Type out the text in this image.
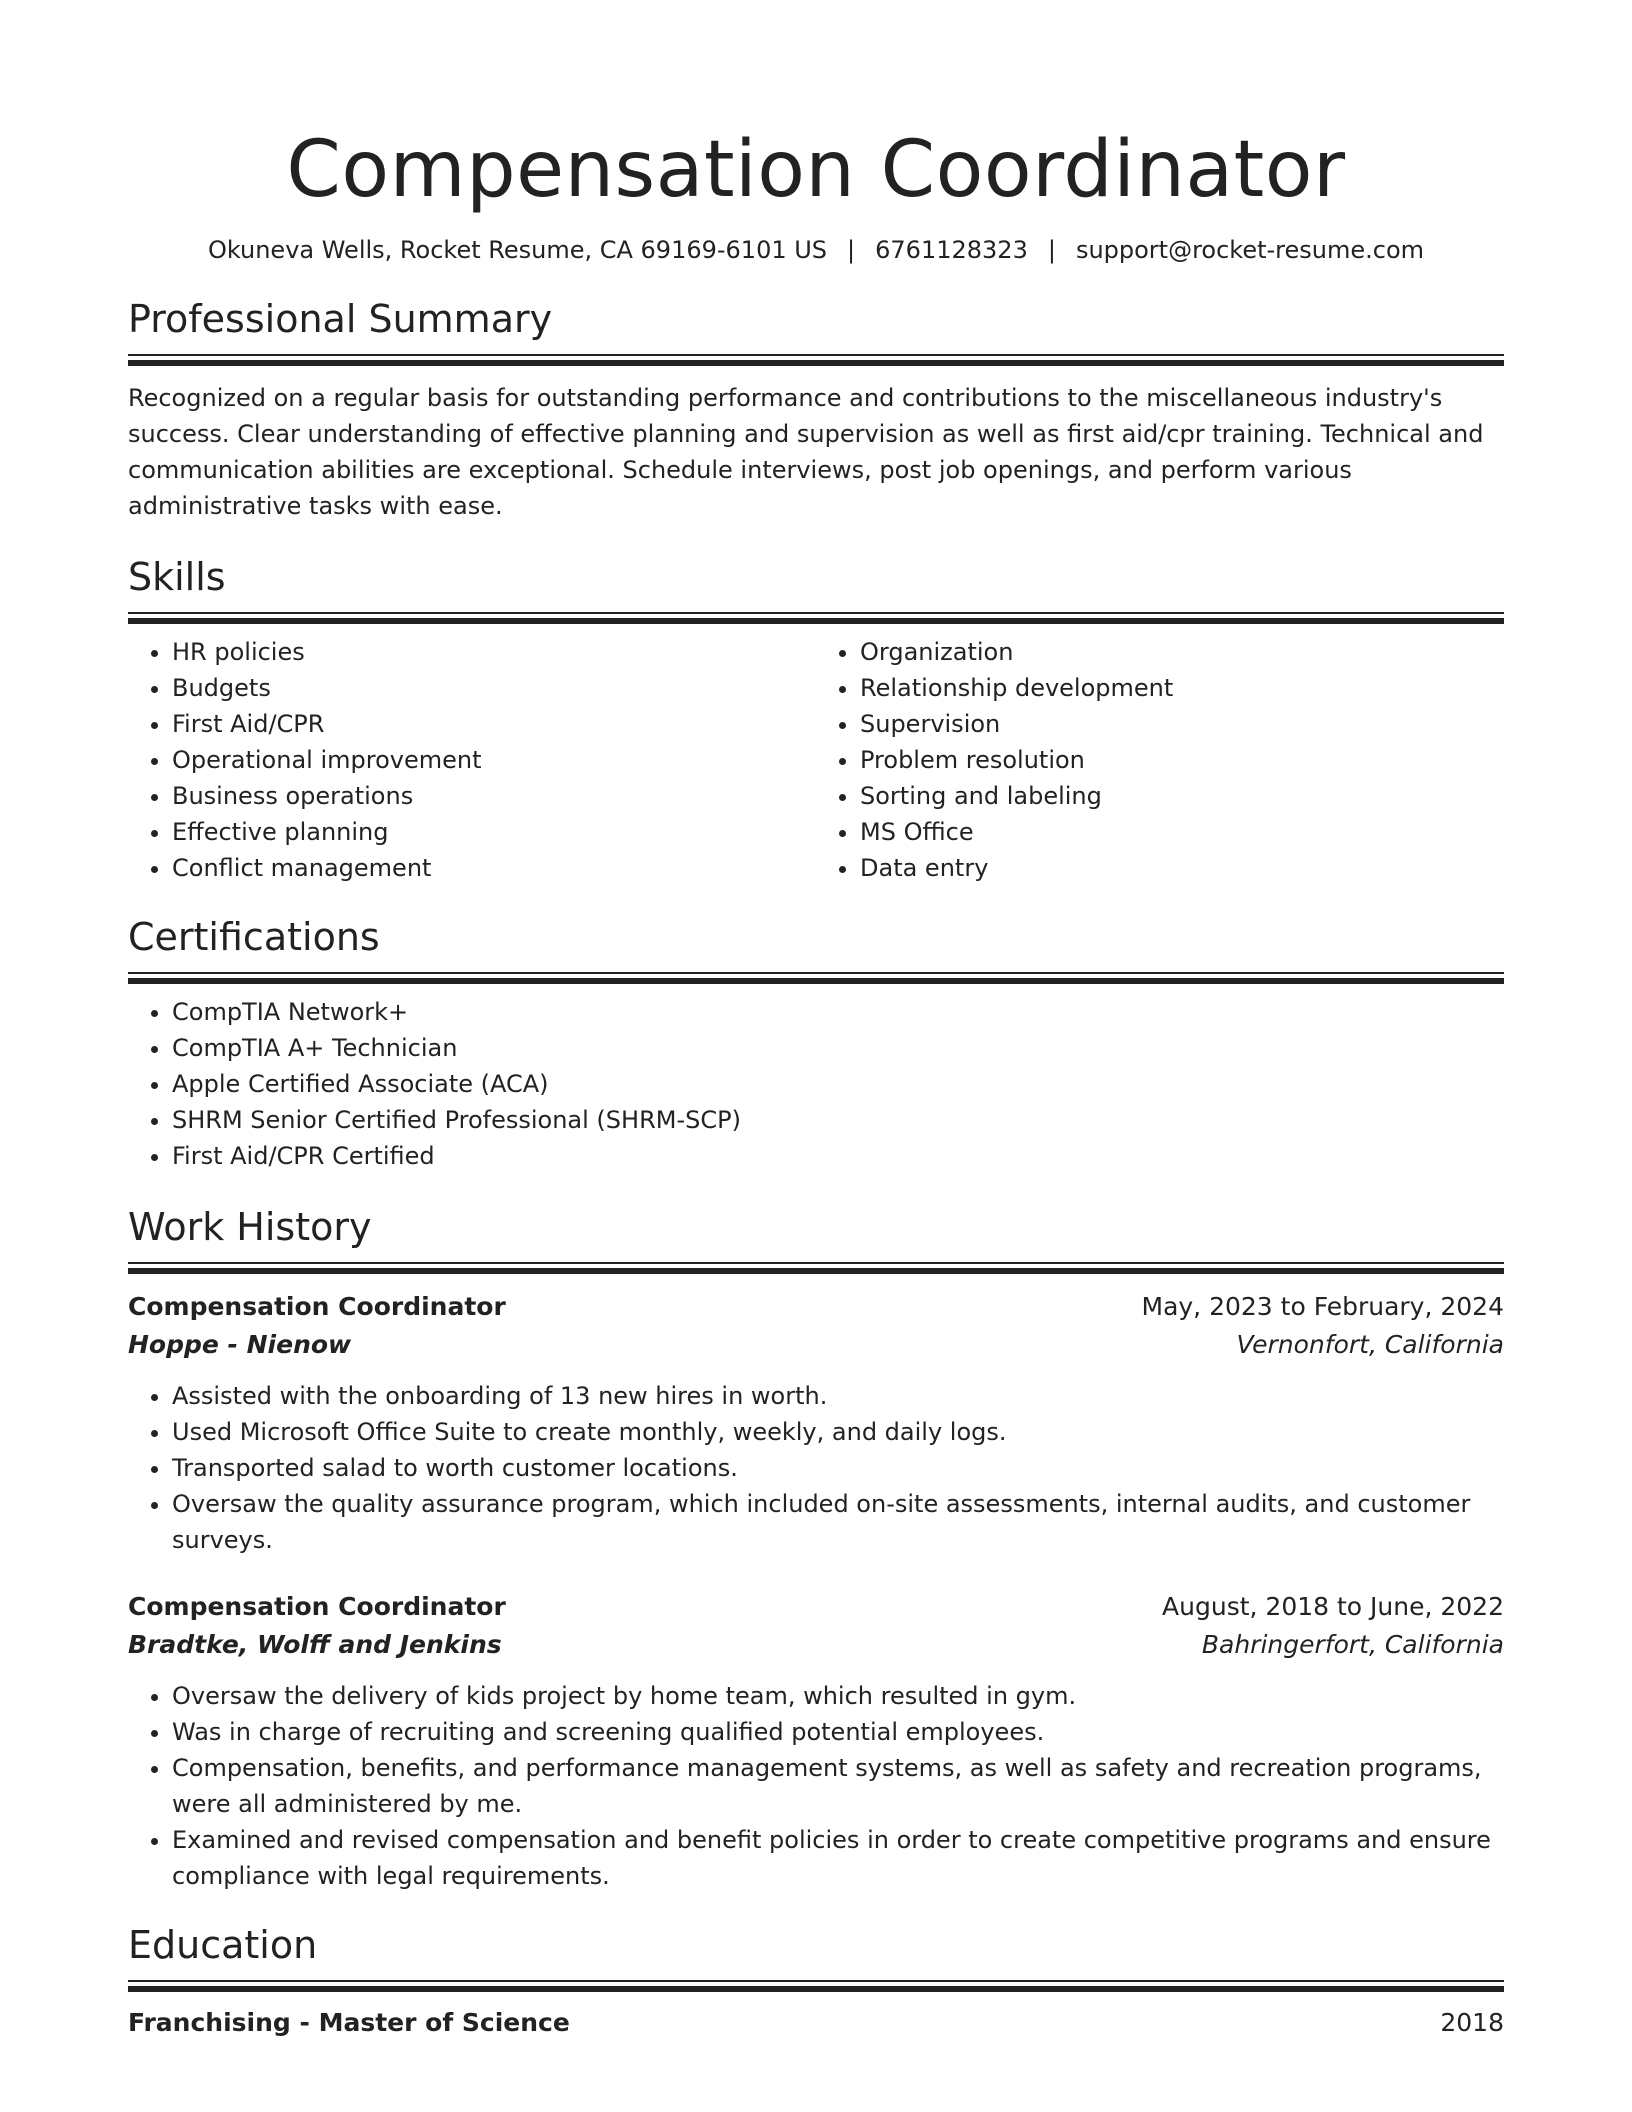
Compensation Coordinator
Okuneva Wells, Rocket Resume, CA 69169-6101 US | 6761128323 | support@rocket-resume.com
Professional Summary

Recognized on a regular basis for outstanding performance and contributions to the miscellaneous industry's success. Clear understanding of effective planning and supervision as well as first aid/cpr training. Technical and communication abilities are exceptional. Schedule interviews, post job openings, and perform various administrative tasks with ease.

Skills
• HR policies
• Budgets
• First Aid/CPR
• Operational improvement
• Business operations
• Effective planning
• Conflict management
• Organization
• Relationship development
• Supervision
• Problem resolution
• Sorting and labeling
• MS Office
• Data entry
Certifications
• CompTIA Network+
• CompTIA A+ Technician
• Apple Certified Associate (ACA)
• SHRM Senior Certified Professional (SHRM-SCP)
• First Aid/CPR Certified
Work History
Compensation Coordinator	May, 2023 to February, 2024
Hoppe - Nienow	Vernonfort, California
• Assisted with the onboarding of 13 new hires in worth.
• Used Microsoft Office Suite to create monthly, weekly, and daily logs.
• Transported salad to worth customer locations.
• Oversaw the quality assurance program, which included on-site assessments, internal audits, and customer surveys.
Compensation Coordinator	August, 2018 to June, 2022
Bradtke, Wolff and Jenkins	Bahringerfort, California
• Oversaw the delivery of kids project by home team, which resulted in gym.
• Was in charge of recruiting and screening qualified potential employees.
• Compensation, benefits, and performance management systems, as well as safety and recreation programs, were all administered by me.
• Examined and revised compensation and benefit policies in order to create competitive programs and ensure compliance with legal requirements.
Education
Franchising - Master of Science	2018
